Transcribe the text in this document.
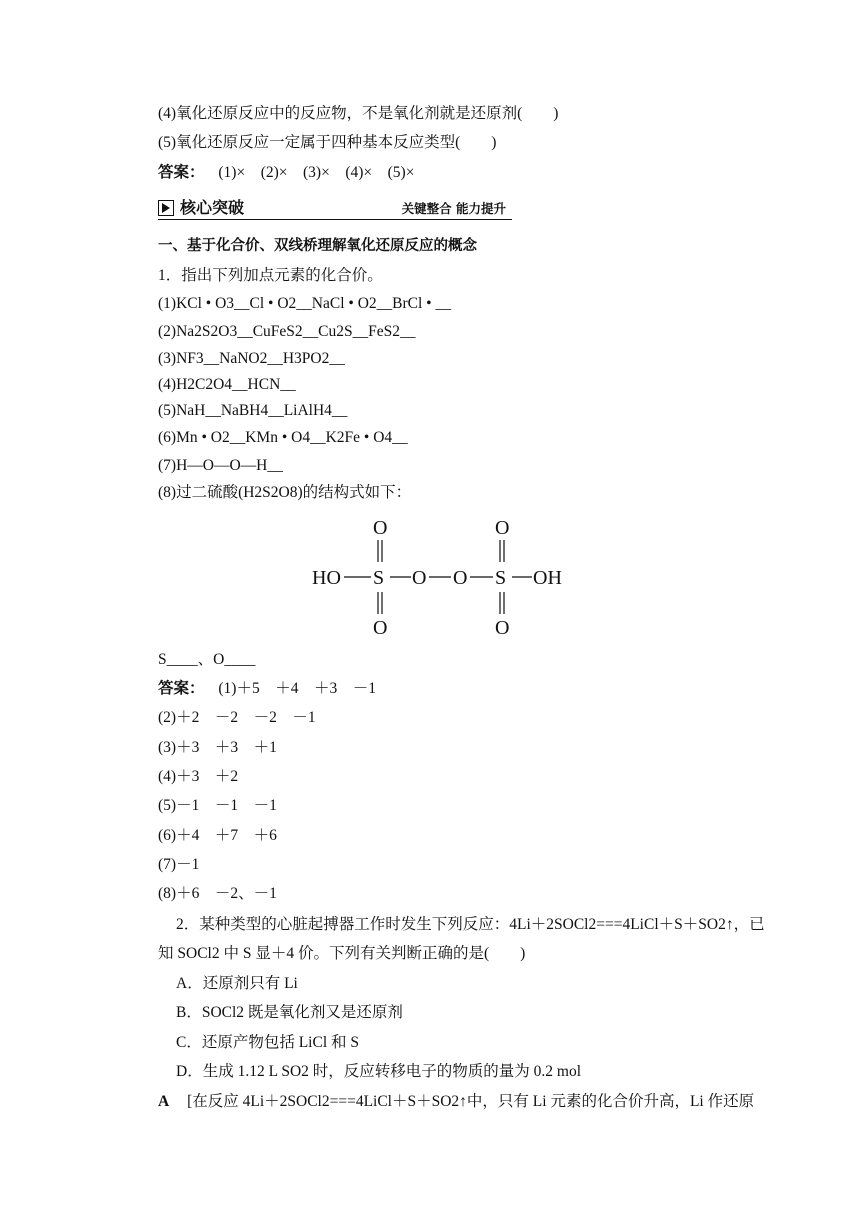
(4)氧化还原反应中的反应物，不是氧化剂就是还原剂(　　)
(5)氧化还原反应一定属于四种基本反应类型(　　)
答案： (1)×　(2)×　(3)×　(4)×　(5)×
核心突破	关键整合 能力提升
一、基于化合价、双线桥理解氧化还原反应的概念
1．指出下列加点元素的化合价。
(1)KCl • O3__Cl • O2__NaCl • O2__BrCl • __
(2)Na2S2O3__CuFeS2__Cu2S__FeS2__
(3)NF3__NaNO2__H3PO2__
(4)H2C2O4__HCN__
(5)NaH__NaBH4__LiAlH4__
(6)Mn • O2__KMn • O4__K2Fe • O4__
(7)H—O—O—H__
(8)过二硫酸(H2S2O8)的结构式如下：
O	O
HO S O O S OH
O	O
S____、O____
答案： (1)＋5　＋4　＋3　－1
(2)＋2　－2　－2　－1
(3)＋3　＋3　＋1
(4)＋3　＋2
(5)－1　－1　－1
(6)＋4　＋7　＋6
(7)－1
(8)＋6　－2、－1
2．某种类型的心脏起搏器工作时发生下列反应：4Li＋2SOCl2===4LiCl＋S＋SO2↑，已
知 SOCl2 中 S 显＋4 价。下列有关判断正确的是(　　)
A．还原剂只有 Li
B．SOCl2 既是氧化剂又是还原剂
C．还原产物包括 LiCl 和 S
D．生成 1.12 L SO2 时，反应转移电子的物质的量为 0.2 mol
A [在反应 4Li＋2SOCl2===4LiCl＋S＋SO2↑中，只有 Li 元素的化合价升高，Li 作还原
